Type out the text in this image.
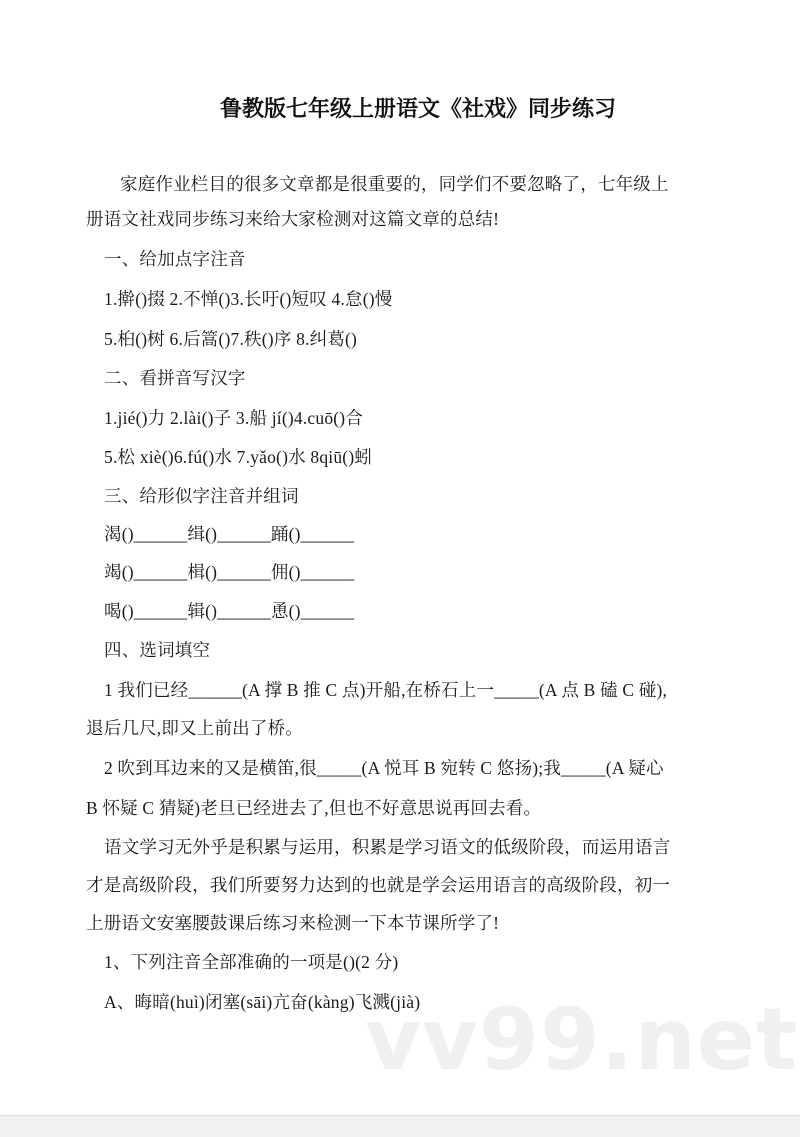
鲁教版七年级上册语文《社戏》同步练习
家庭作业栏目的很多文章都是很重要的，同学们不要忽略了，七年级上
册语文社戏同步练习来给大家检测对这篇文章的总结!
一、给加点字注音
1.擀()掇 2.不惮()3.长吁()短叹 4.怠()慢
5.桕()树 6.后篙()7.秩()序 8.纠葛()
二、看拼音写汉字
1.jié()力 2.lài()子 3.船 jí()4.cuō()合
5.松 xiè()6.fú()水 7.yǎo()水 8qiū()蚓
三、给形似字注音并组词
渴()______缉()______踊()______
竭()______楫()______佣()______
喝()______辑()______恿()______
四、选词填空
1 我们已经______(A 撑 B 推 C 点)开船,在桥石上一_____(A 点 B 磕 C 碰),
退后几尺,即又上前出了桥。
2 吹到耳边来的又是横笛,很_____(A 悦耳 B 宛转 C 悠扬);我_____(A 疑心
B 怀疑 C 猜疑)老旦已经进去了,但也不好意思说再回去看。
语文学习无外乎是积累与运用，积累是学习语文的低级阶段，而运用语言
才是高级阶段，我们所要努力达到的也就是学会运用语言的高级阶段，初一
上册语文安塞腰鼓课后练习来检测一下本节课所学了!
1、下列注音全部准确的一项是()(2 分)
A、晦暗(huì)闭塞(sāi)亢奋(kàng)飞溅(jià)
vv99.net
